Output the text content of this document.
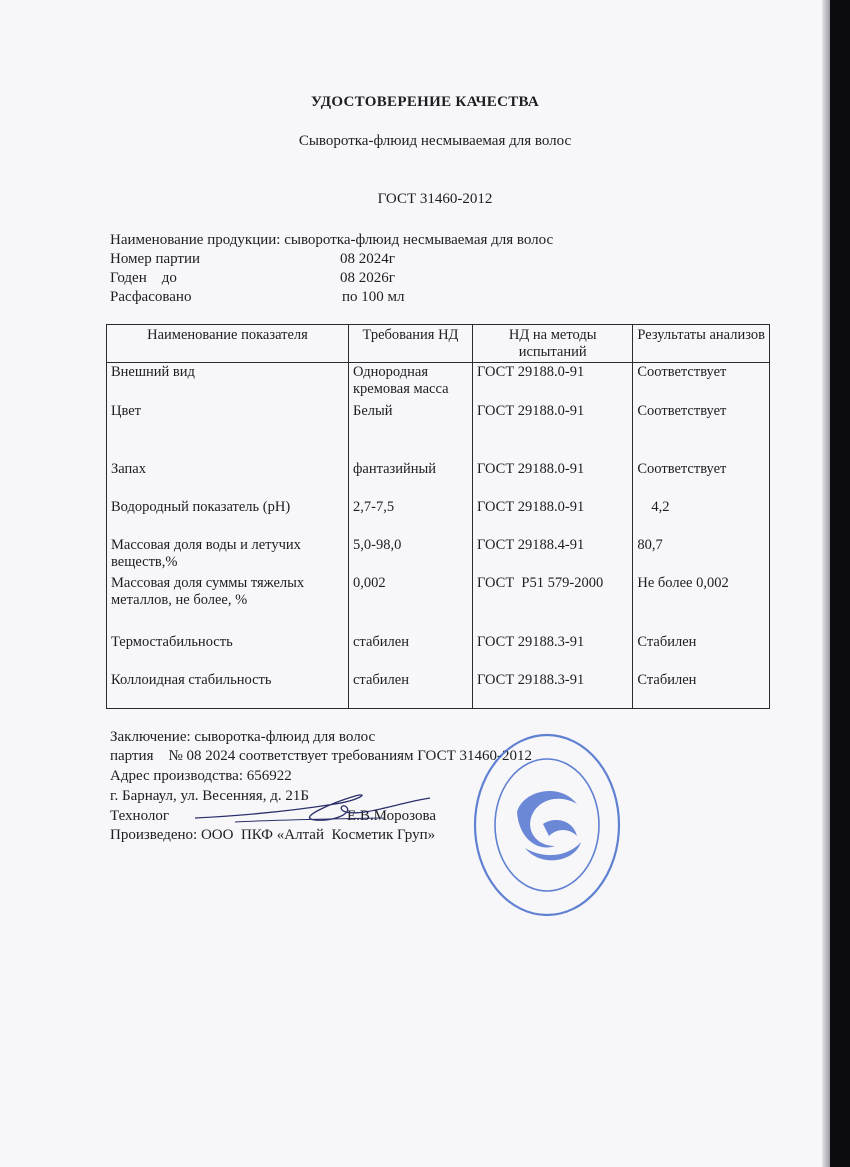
УДОСТОВЕРЕНИЕ КАЧЕСТВА
Сыворотка-флюид несмываемая для волос
ГОСТ 31460-2012
Наименование продукции: сыворотка-флюид несмываемая для волос
Номер партии	08 2024г
Годен    до	08 2026г
Расфасовано	по 100 мл
Наименование показателя	Требования НД	НД на методы испытаний	Результаты анализов
Внешний вид	Однородная кремовая масса	ГОСТ 29188.0-91	Соответствует
Цвет	Белый	ГОСТ 29188.0-91	Соответствует
Запах	фантазийный	ГОСТ 29188.0-91	Соответствует
Водородный показатель (рН)	2,7-7,5	ГОСТ 29188.0-91	4,2
Массовая доля воды и летучих веществ,%	5,0-98,0	ГОСТ 29188.4-91	80,7
Массовая доля суммы тяжелых металлов, не более, %	0,002	ГОСТ  Р51 579-2000	Не более 0,002
Термостабильность	стабилен	ГОСТ 29188.3-91	Стабилен
Коллоидная стабильность	стабилен	ГОСТ 29188.3-91	Стабилен
Заключение: сыворотка-флюид для волос
партия    № 08 2024 соответствует требованиям ГОСТ 31460-2012
Адрес производства: 656922
г. Барнаул, ул. Весенняя, д. 21Б
Технолог	Е.В.Морозова
Произведено: ООО  ПКФ «Алтай  Косметик Груп»
